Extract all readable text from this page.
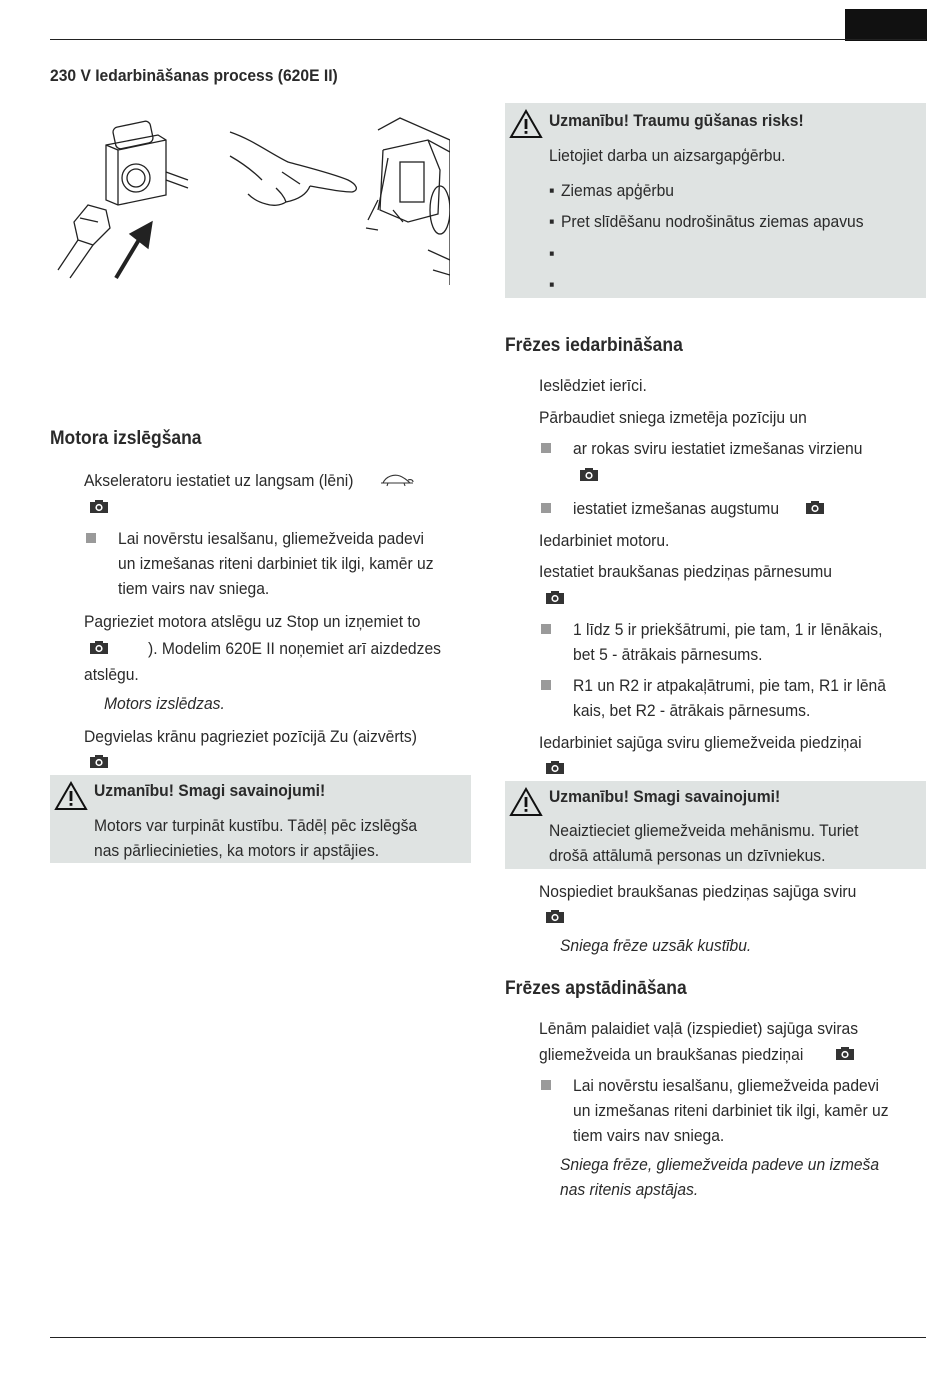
230 V Iedarbināšanas process (620E II)
Motora izslēgšana
Akseleratoru iestatiet uz langsam (lēni)
Lai novērstu iesalšanu, gliemežveida padevi
un izmešanas riteni darbiniet tik ilgi, kamēr uz
tiem vairs nav sniega.
Pagrieziet motora atslēgu uz Stop un izņemiet to
). Modelim 620E II noņemiet arī aizdedzes
atslēgu.
Motors izslēdzas.
Degvielas krānu pagrieziet pozīcijā Zu (aizvērts)
Uzmanību! Smagi savainojumi!
Motors var turpināt kustību. Tādēļ pēc izslēgša
nas pārliecinieties, ka motors ir apstājies.
Uzmanību! Traumu gūšanas risks!
Lietojiet darba un aizsargapģērbu.
▪ Ziemas apģērbu
▪ Pret slīdēšanu nodrošinātus ziemas apavus
▪
▪
Frēzes iedarbināšana
Ieslēdziet ierīci.
Pārbaudiet sniega izmetēja pozīciju un
ar rokas sviru iestatiet izmešanas virzienu
iestatiet izmešanas augstumu
Iedarbiniet motoru.
Iestatiet braukšanas piedziņas pārnesumu
1 līdz 5 ir priekšātrumi, pie tam, 1 ir lēnākais,
bet 5 - ātrākais pārnesums.
R1 un R2 ir atpakaļātrumi, pie tam, R1 ir lēnā
kais, bet R2 - ātrākais pārnesums.
Iedarbiniet sajūga sviru gliemežveida piedziņai
Uzmanību! Smagi savainojumi!
Neaiztieciet gliemežveida mehānismu. Turiet
drošā attālumā personas un dzīvniekus.
Nospiediet braukšanas piedziņas sajūga sviru
Sniega frēze uzsāk kustību.
Frēzes apstādināšana
Lēnām palaidiet vaļā (izspiediet) sajūga sviras
gliemežveida un braukšanas piedziņai
Lai novērstu iesalšanu, gliemežveida padevi
un izmešanas riteni darbiniet tik ilgi, kamēr uz
tiem vairs nav sniega.
Sniega frēze, gliemežveida padeve un izmeša
nas ritenis apstājas.
